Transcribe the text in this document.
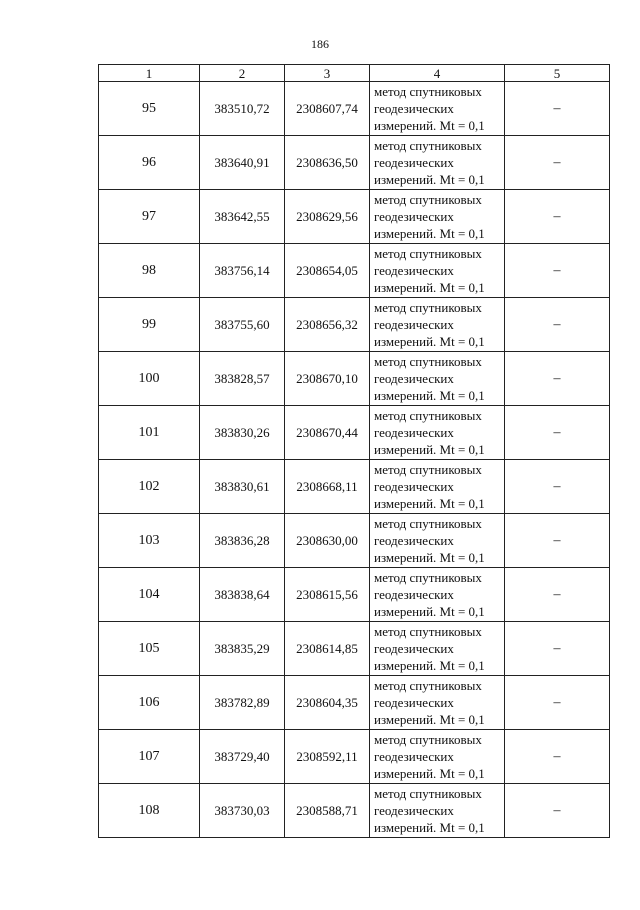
186
1	2	3	4	5
95	383510,72	2308607,74	метод спутниковых
геодезических
измерений. Mt = 0,1	–
96	383640,91	2308636,50	метод спутниковых
геодезических
измерений. Mt = 0,1	–
97	383642,55	2308629,56	метод спутниковых
геодезических
измерений. Mt = 0,1	–
98	383756,14	2308654,05	метод спутниковых
геодезических
измерений. Mt = 0,1	–
99	383755,60	2308656,32	метод спутниковых
геодезических
измерений. Mt = 0,1	–
100	383828,57	2308670,10	метод спутниковых
геодезических
измерений. Mt = 0,1	–
101	383830,26	2308670,44	метод спутниковых
геодезических
измерений. Mt = 0,1	–
102	383830,61	2308668,11	метод спутниковых
геодезических
измерений. Mt = 0,1	–
103	383836,28	2308630,00	метод спутниковых
геодезических
измерений. Mt = 0,1	–
104	383838,64	2308615,56	метод спутниковых
геодезических
измерений. Mt = 0,1	–
105	383835,29	2308614,85	метод спутниковых
геодезических
измерений. Mt = 0,1	–
106	383782,89	2308604,35	метод спутниковых
геодезических
измерений. Mt = 0,1	–
107	383729,40	2308592,11	метод спутниковых
геодезических
измерений. Mt = 0,1	–
108	383730,03	2308588,71	метод спутниковых
геодезических
измерений. Mt = 0,1	–
